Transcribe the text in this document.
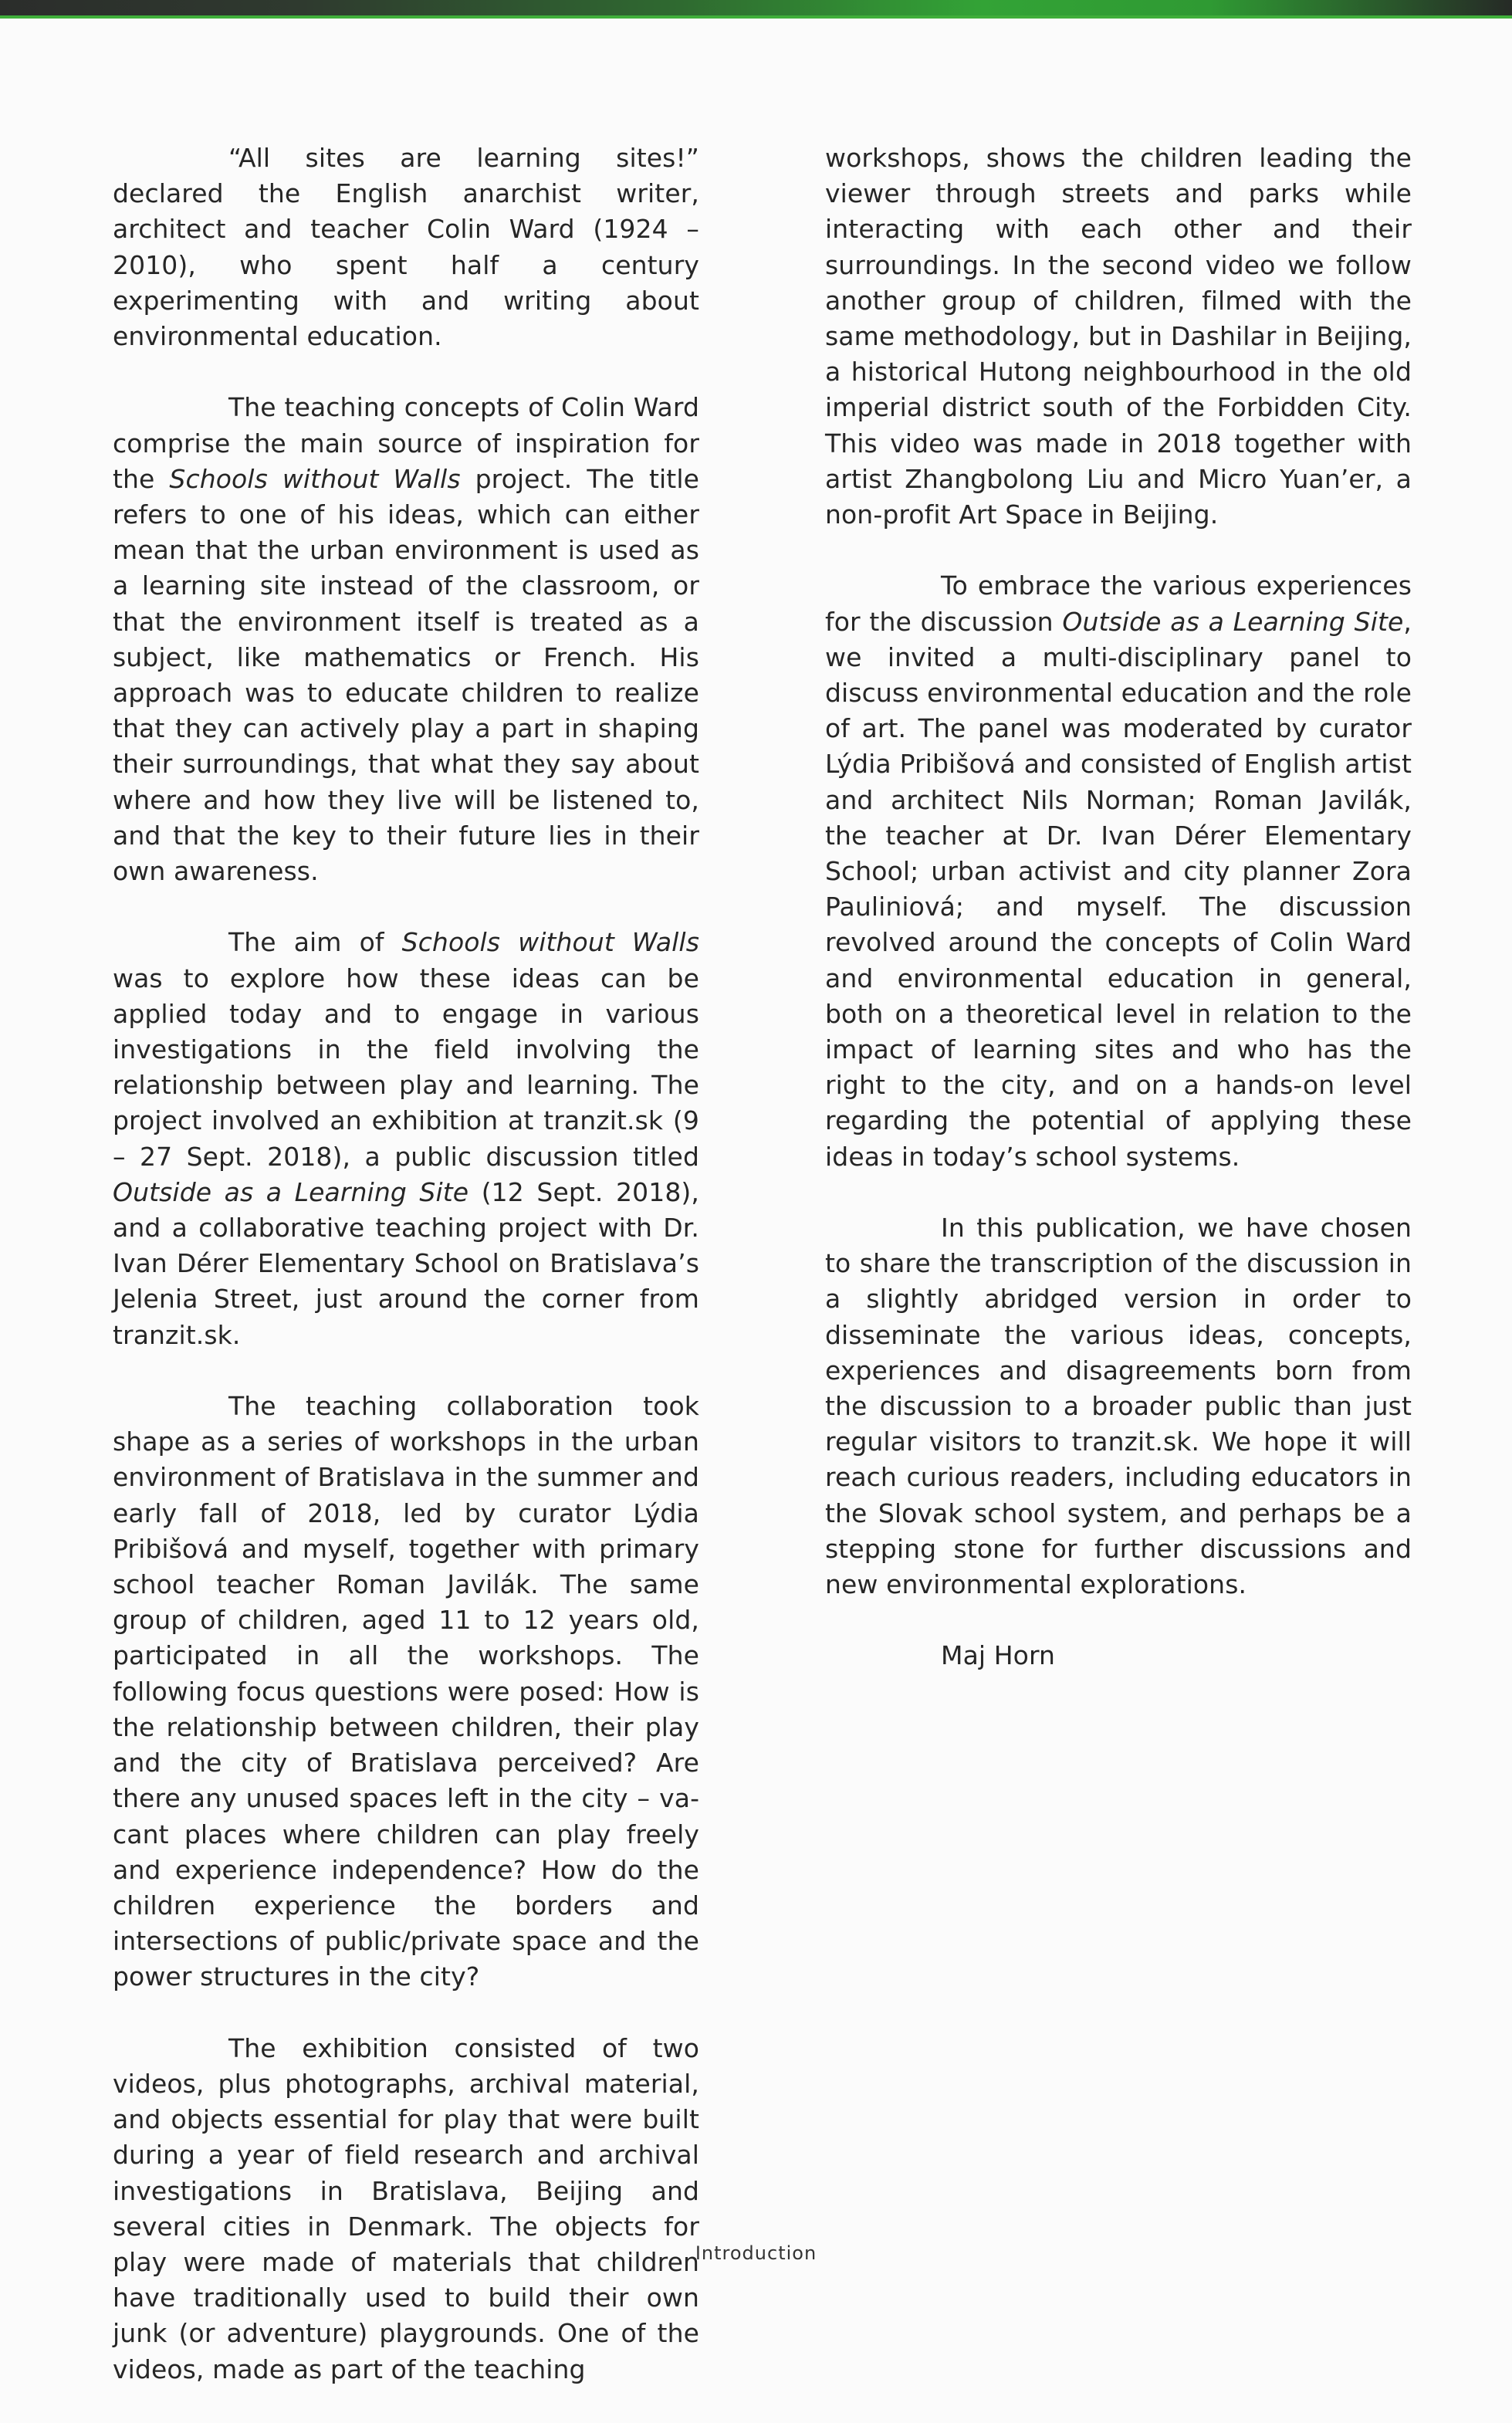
“All sites are learning sites!” declared the English anarchist writer, architect and teacher Colin Ward (1924 – 2010), who spent half a century experimenting with and writing about environmental education.

The teaching concepts of Colin Ward comprise the main source of inspiration for the Schools without Walls project. The title refers to one of his ideas, which can either mean that the urban environment is used as a learning site instead of the classroom, or that the environment itself is treated as a subject, like mathematics or French. His approach was to educate children to realize that they can actively play a part in shaping their surroundings, that what they say about where and how they live will be listened to, and that the key to their future lies in their own awareness.

The aim of Schools without Walls was to explore how these ideas can be applied today and to engage in various investigations in the field involving the relationship between play and learning. The project involved an exhibition at tranzit.sk (9 – 27 Sept. 2018), a public discussion titled Outside as a Learning Site (12 Sept. 2018), and a collaborative teaching project with Dr. Ivan Dérer Elementary School on Bratislava’s Jelenia Street, just around the corner from tranzit.sk.

The teaching collaboration took shape as a series of workshops in the urban environment of Bratislava in the summer and early fall of 2018, led by curator Lýdia Pribišová and myself, together with primary school teacher Roman Javilák. The same group of children, aged 11 to 12 years old, participated in all the workshops. The following focus questions were posed: How is the relationship between children, their play and the city of Bratislava perceived? Are there any unused spaces left in the city – vacant places where children can play freely and experience independence? How do the children experience the borders and intersections of public/private space and the power structures in the city?

The exhibition consisted of two videos, plus photographs, archival material, and objects essential for play that were built during a year of field research and archival investigations in Bratislava, Beijing and several cities in Denmark. The objects for play were made of materials that children have traditionally used to build their own junk (or adventure) playgrounds. One of the videos, made as part of the teaching

workshops, shows the children leading the viewer through streets and parks while interacting with each other and their surroundings. In the second video we follow another group of children, filmed with the same methodology, but in Dashilar in Beijing, a historical Hutong neighbourhood in the old imperial district south of the Forbidden City. This video was made in 2018 together with artist Zhangbolong Liu and Micro Yuan’er, a non-profit Art Space in Beijing.

To embrace the various experiences for the discussion Outside as a Learning Site, we invited a multi-disciplinary panel to discuss environmental education and the role of art. The panel was moderated by curator Lýdia Pribišová and consisted of English artist and architect Nils Norman; Roman Javilák, the teacher at Dr. Ivan Dérer Elementary School; urban activist and city planner Zora Pauliniová; and myself. The discussion revolved around the concepts of Colin Ward and environmental education in general, both on a theoretical level in relation to the impact of learning sites and who has the right to the city, and on a hands-on level regarding the potential of applying these ideas in today’s school systems.

In this publication, we have chosen to share the transcription of the discussion in a slightly abridged version in order to disseminate the various ideas, concepts, experiences and disagreements born from the discussion to a broader public than just regular visitors to tranzit.sk. We hope it will reach curious readers, including educators in the Slovak school system, and perhaps be a stepping stone for further discussions and new environmental explorations.

Maj Horn

Introduction
